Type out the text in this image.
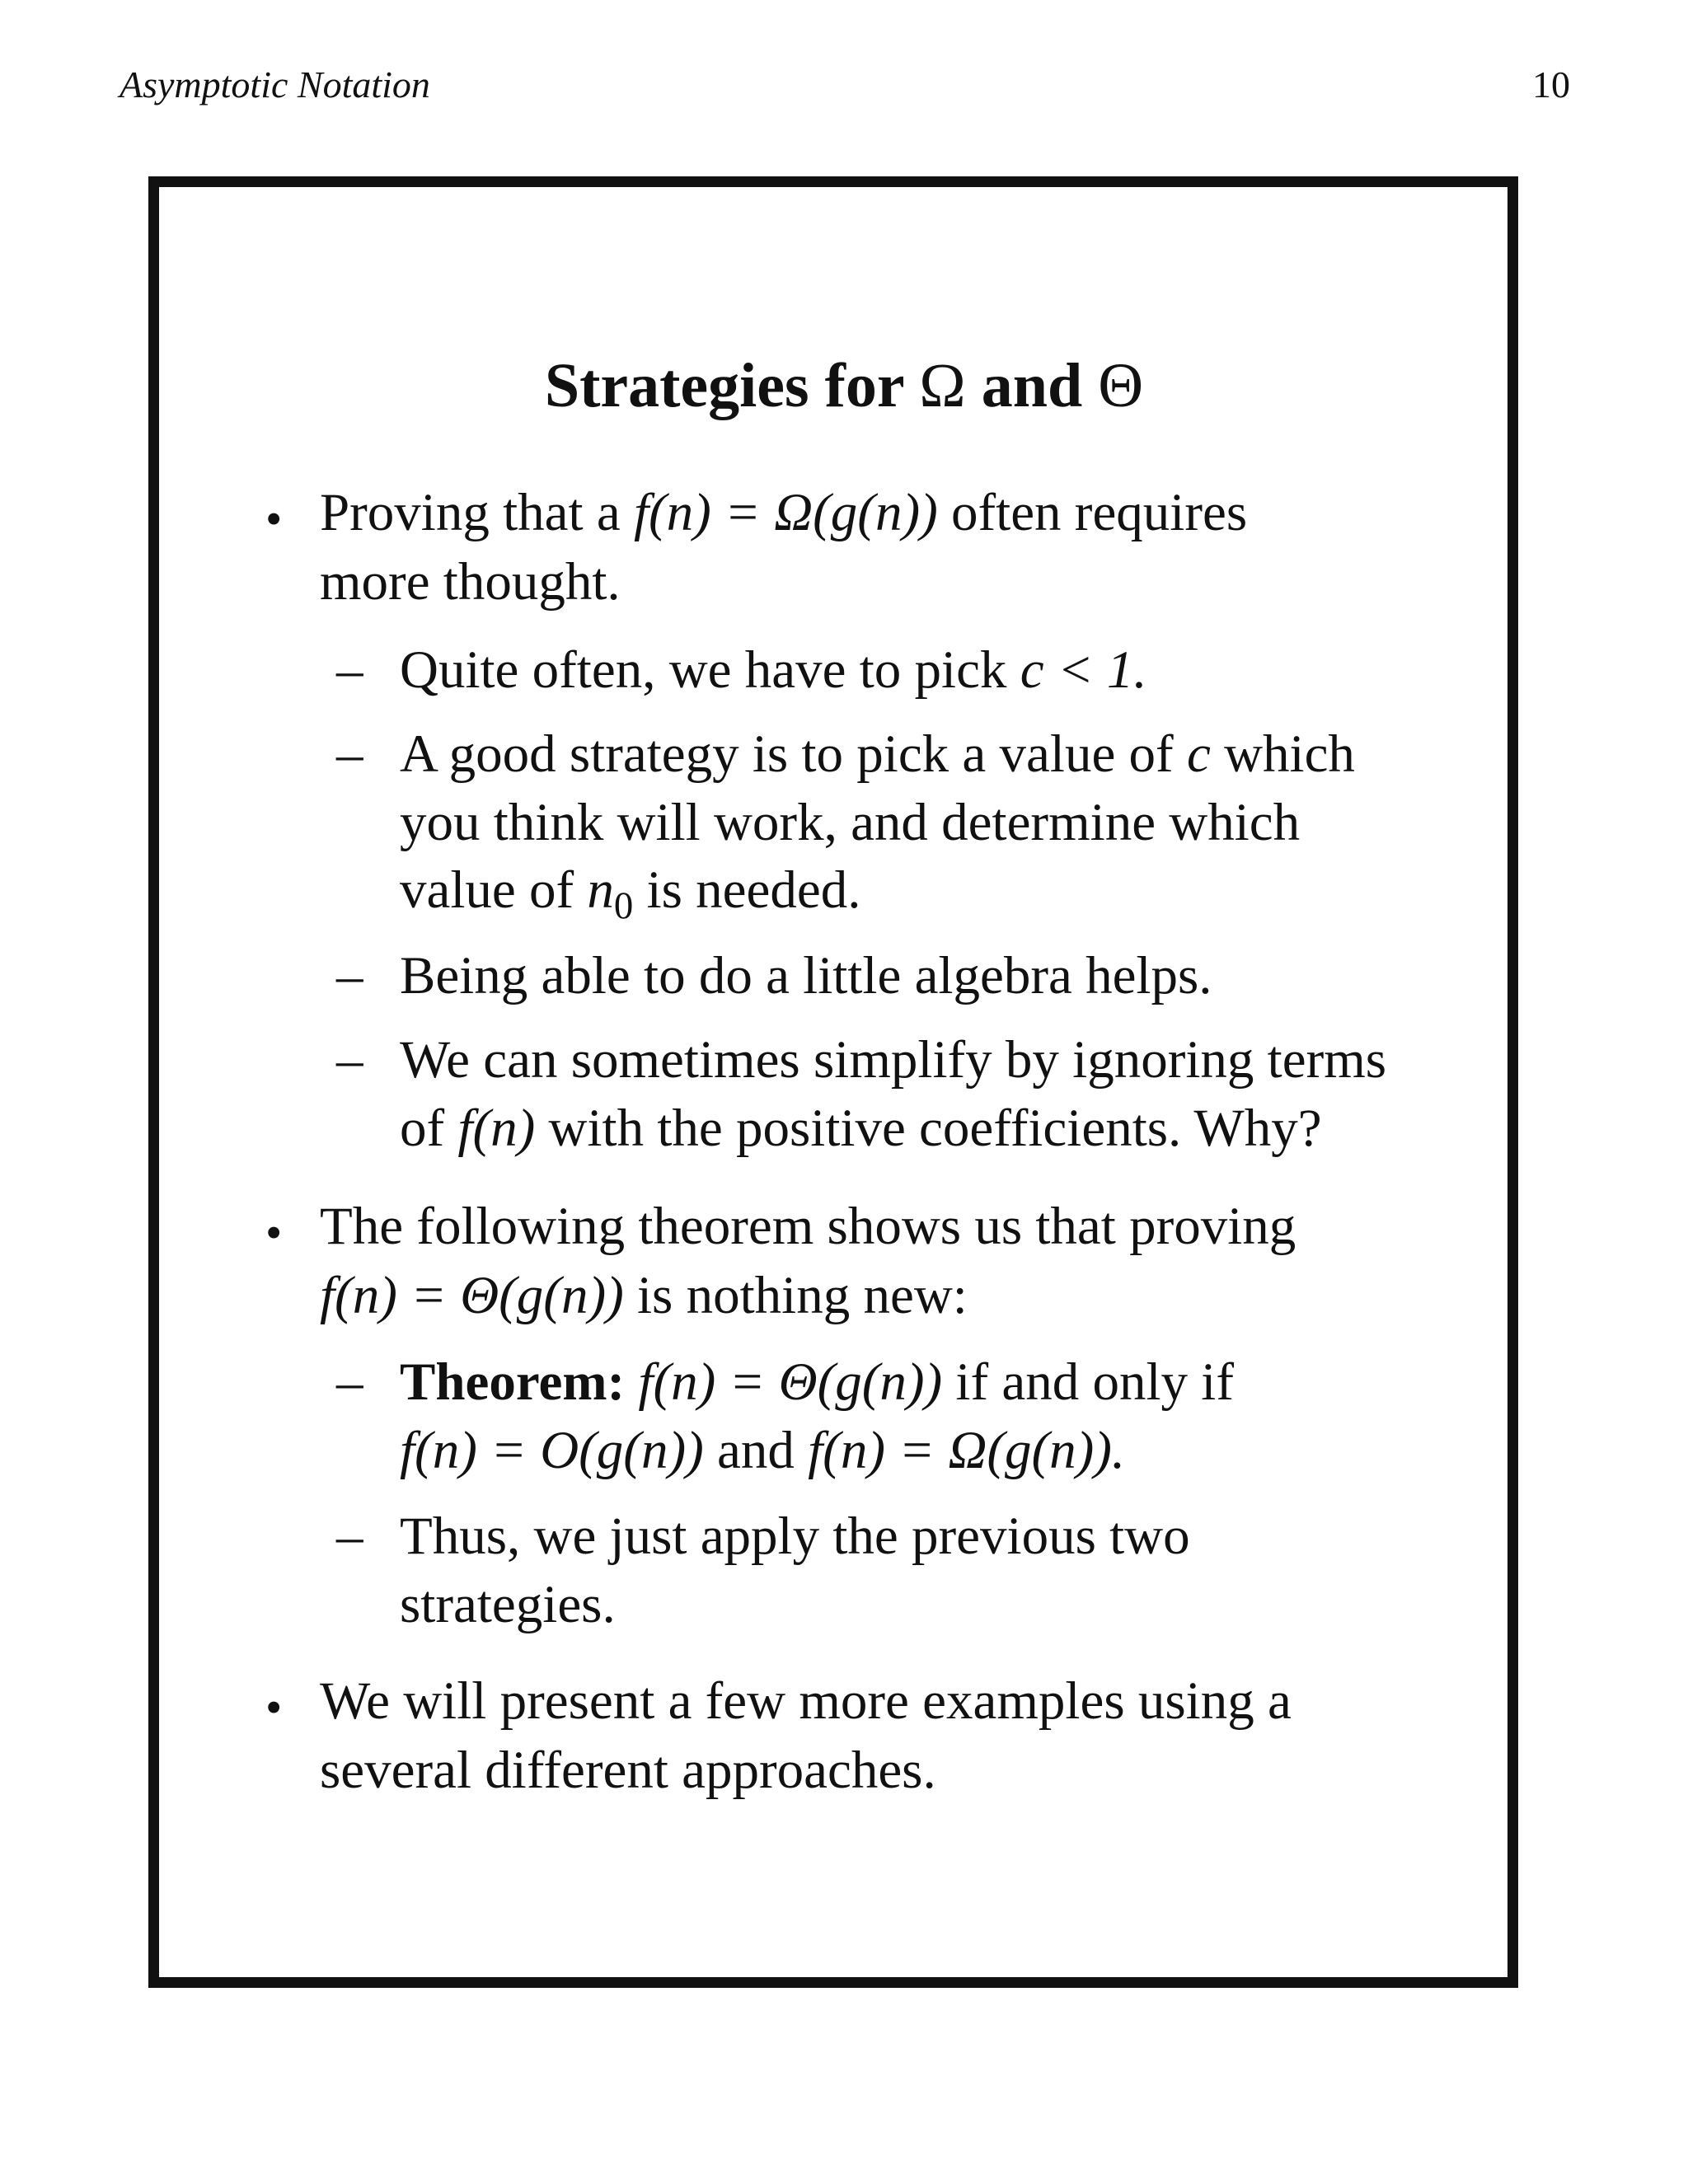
Asymptotic Notation	10
Strategies for Ω and Θ
• Proving that a f(n) = Ω(g(n)) often requires
more thought.
– Quite often, we have to pick c < 1.
– A good strategy is to pick a value of c which
you think will work, and determine which
value of $n_0$ is needed.
– Being able to do a little algebra helps.
– We can sometimes simplify by ignoring terms
of f(n) with the positive coefficients. Why?
• The following theorem shows us that proving
f(n) = Θ(g(n)) is nothing new:
– Theorem: f(n) = Θ(g(n)) if and only if
f(n) = O(g(n)) and f(n) = Ω(g(n)).
– Thus, we just apply the previous two
strategies.
• We will present a few more examples using a
several different approaches.
